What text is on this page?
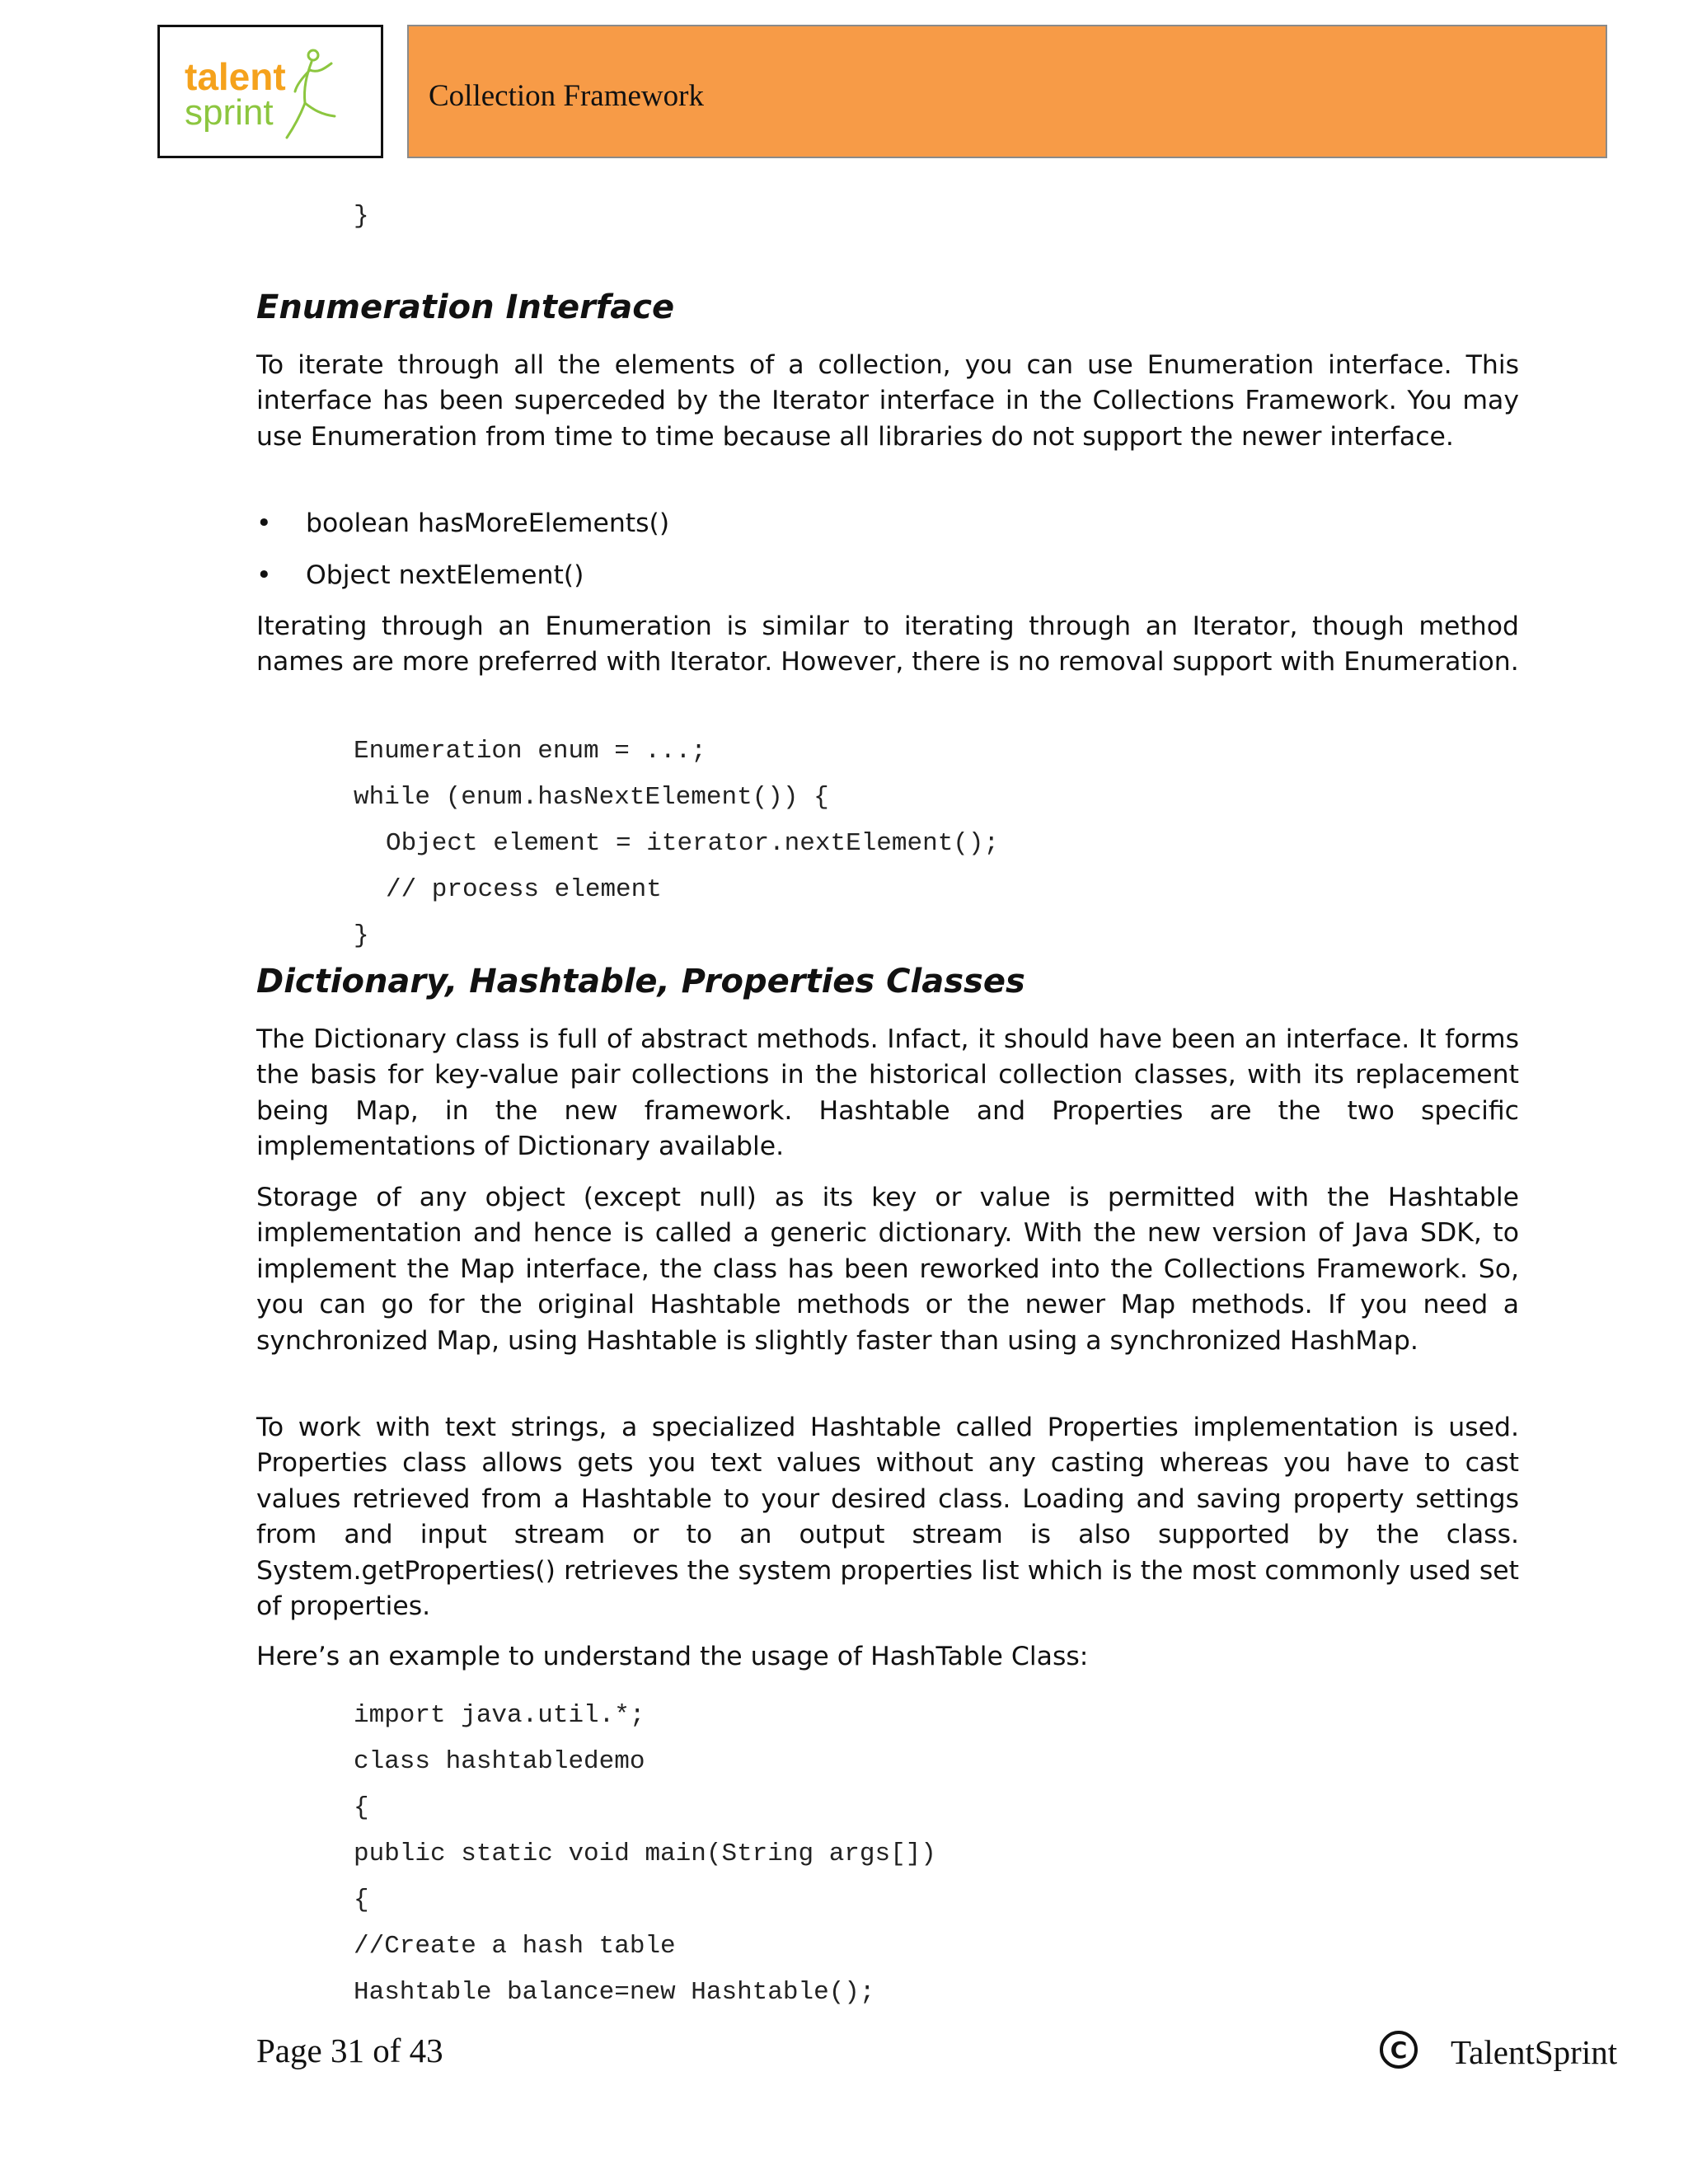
talent
sprint	Collection Framework
}
Enumeration Interface

To iterate through all the elements of a collection, you can use Enumeration interface. This interface has been superceded by the Iterator interface in the Collections Framework. You may use Enumeration from time to time because all libraries do not support the newer interface.

• boolean hasMoreElements()
• Object nextElement()

Iterating through an Enumeration is similar to iterating through an Iterator, though method names are more preferred with Iterator. However, there is no removal support with Enumeration.

Enumeration enum = ...;
while (enum.hasNextElement()) {
Object element = iterator.nextElement();
// process element
}
Dictionary, Hashtable, Properties Classes

The Dictionary class is full of abstract methods. Infact, it should have been an interface. It forms the basis for key-value pair collections in the historical collection classes, with its replacement being Map, in the new framework. Hashtable and Properties are the two specific implementations of Dictionary available.

Storage of any object (except null) as its key or value is permitted with the Hashtable implementation and hence is called a generic dictionary. With the new version of Java SDK, to implement the Map interface, the class has been reworked into the Collections Framework. So, you can go for the original Hashtable methods or the newer Map methods. If you need a synchronized Map, using Hashtable is slightly faster than using a synchronized HashMap.

To work with text strings, a specialized Hashtable called Properties implementation is used. Properties class allows gets you text values without any casting whereas you have to cast values retrieved from a Hashtable to your desired class. Loading and saving property settings from and input stream or to an output stream is also supported by the class. System.getProperties() retrieves the system properties list which is the most commonly used set of properties.

Here’s an example to understand the usage of HashTable Class:

import java.util.*;
class hashtabledemo
{
public static void main(String args[])
{
//Create a hash table
Hashtable balance=new Hashtable();
Page 31 of 43	C TalentSprint
